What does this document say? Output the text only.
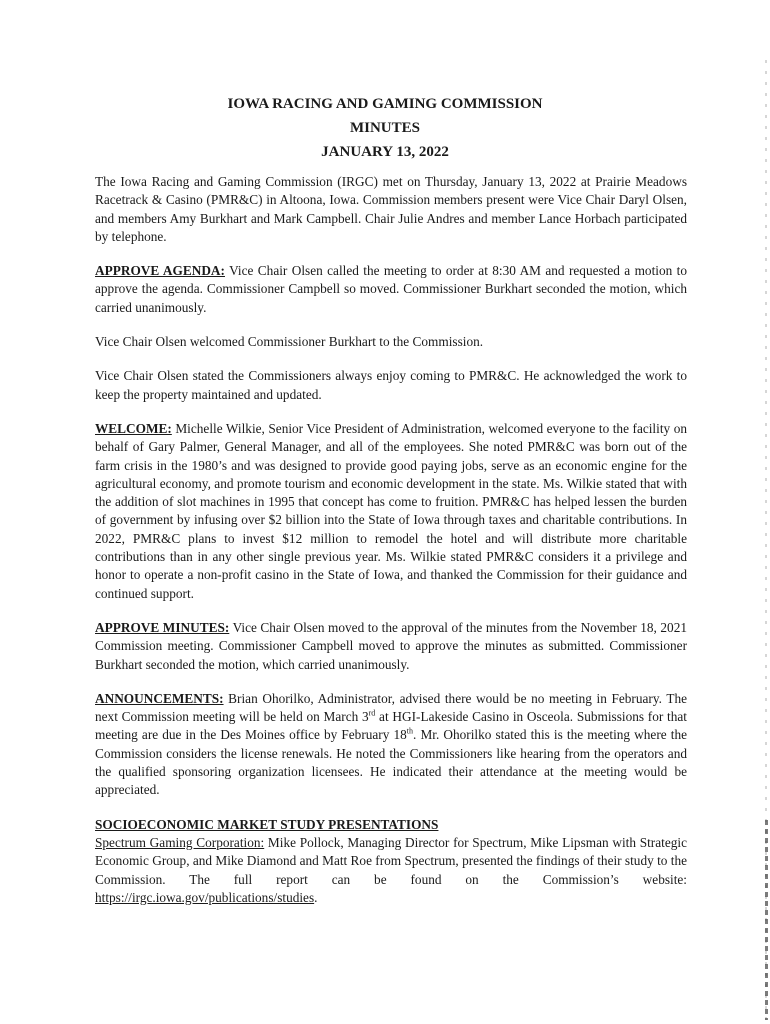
IOWA RACING AND GAMING COMMISSION
MINUTES
JANUARY 13, 2022

The Iowa Racing and Gaming Commission (IRGC) met on Thursday, January 13, 2022 at Prairie Meadows Racetrack & Casino (PMR&C) in Altoona, Iowa. Commission members present were Vice Chair Daryl Olsen, and members Amy Burkhart and Mark Campbell. Chair Julie Andres and member Lance Horbach participated by telephone.

APPROVE AGENDA: Vice Chair Olsen called the meeting to order at 8:30 AM and requested a motion to approve the agenda. Commissioner Campbell so moved. Commissioner Burkhart seconded the motion, which carried unanimously.

Vice Chair Olsen welcomed Commissioner Burkhart to the Commission.

Vice Chair Olsen stated the Commissioners always enjoy coming to PMR&C. He acknowledged the work to keep the property maintained and updated.

WELCOME: Michelle Wilkie, Senior Vice President of Administration, welcomed everyone to the facility on behalf of Gary Palmer, General Manager, and all of the employees. She noted PMR&C was born out of the farm crisis in the 1980’s and was designed to provide good paying jobs, serve as an economic engine for the agricultural economy, and promote tourism and economic development in the state. Ms. Wilkie stated that with the addition of slot machines in 1995 that concept has come to fruition. PMR&C has helped lessen the burden of government by infusing over $2 billion into the State of Iowa through taxes and charitable contributions. In 2022, PMR&C plans to invest $12 million to remodel the hotel and will distribute more charitable contributions than in any other single previous year. Ms. Wilkie stated PMR&C considers it a privilege and honor to operate a non-profit casino in the State of Iowa, and thanked the Commission for their guidance and continued support.

APPROVE MINUTES: Vice Chair Olsen moved to the approval of the minutes from the November 18, 2021 Commission meeting. Commissioner Campbell moved to approve the minutes as submitted. Commissioner Burkhart seconded the motion, which carried unanimously.

ANNOUNCEMENTS: Brian Ohorilko, Administrator, advised there would be no meeting in February. The next Commission meeting will be held on March 3rd at HGI-Lakeside Casino in Osceola. Submissions for that meeting are due in the Des Moines office by February 18th. Mr. Ohorilko stated this is the meeting where the Commission considers the license renewals. He noted the Commissioners like hearing from the operators and the qualified sponsoring organization licensees. He indicated their attendance at the meeting would be appreciated.

SOCIOECONOMIC MARKET STUDY PRESENTATIONS

Spectrum Gaming Corporation: Mike Pollock, Managing Director for Spectrum, Mike Lipsman with Strategic Economic Group, and Mike Diamond and Matt Roe from Spectrum, presented the findings of their study to the Commission. The full report can be found on the Commission’s website: https://irgc.iowa.gov/publications/studies.
